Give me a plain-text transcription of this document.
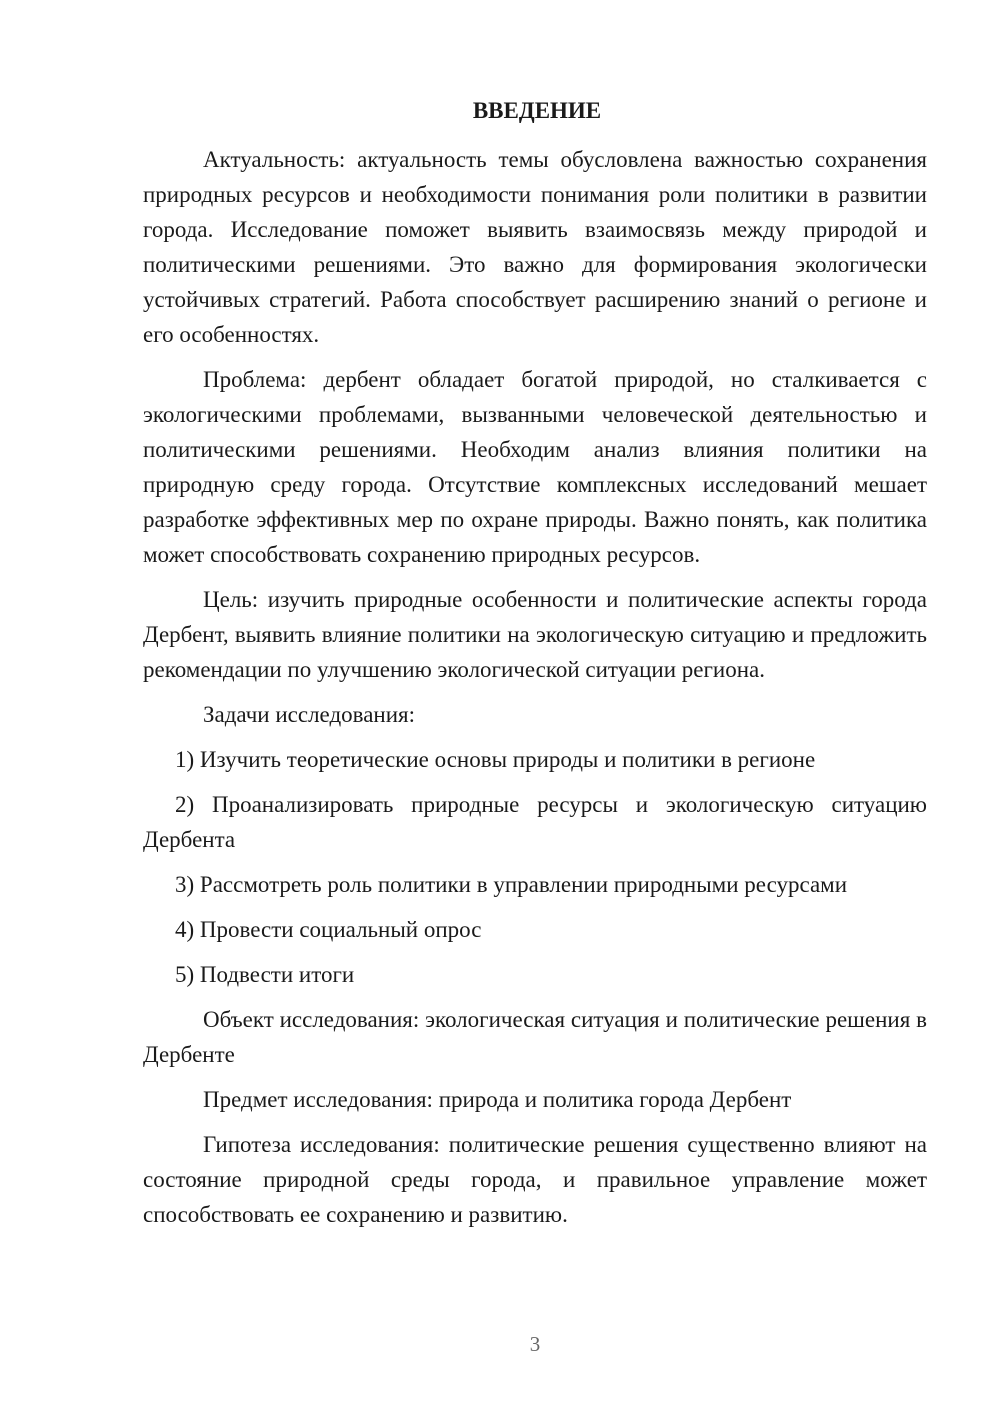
ВВЕДЕНИЕ

Актуальность: актуальность темы обусловлена важностью сохранения природных ресурсов и необходимости понимания роли политики в развитии города. Исследование поможет выявить взаимосвязь между природой и политическими решениями. Это важно для формирования экологически устойчивых стратегий. Работа способствует расширению знаний о регионе и его особенностях.

Проблема: дербент обладает богатой природой, но сталкивается с экологическими проблемами, вызванными человеческой деятельностью и политическими решениями. Необходим анализ влияния политики на природную среду города. Отсутствие комплексных исследований мешает разработке эффективных мер по охране природы. Важно понять, как политика может способствовать сохранению природных ресурсов.

Цель: изучить природные особенности и политические аспекты города Дербент, выявить влияние политики на экологическую ситуацию и предложить рекомендации по улучшению экологической ситуации региона.

Задачи исследования:

1) Изучить теоретические основы природы и политики в регионе

2) Проанализировать природные ресурсы и экологическую ситуацию Дербента

3) Рассмотреть роль политики в управлении природными ресурсами

4) Провести социальный опрос

5) Подвести итоги

Объект исследования: экологическая ситуация и политические решения в Дербенте

Предмет исследования: природа и политика города Дербент

Гипотеза исследования: политические решения существенно влияют на состояние природной среды города, и правильное управление может способствовать ее сохранению и развитию.

3
